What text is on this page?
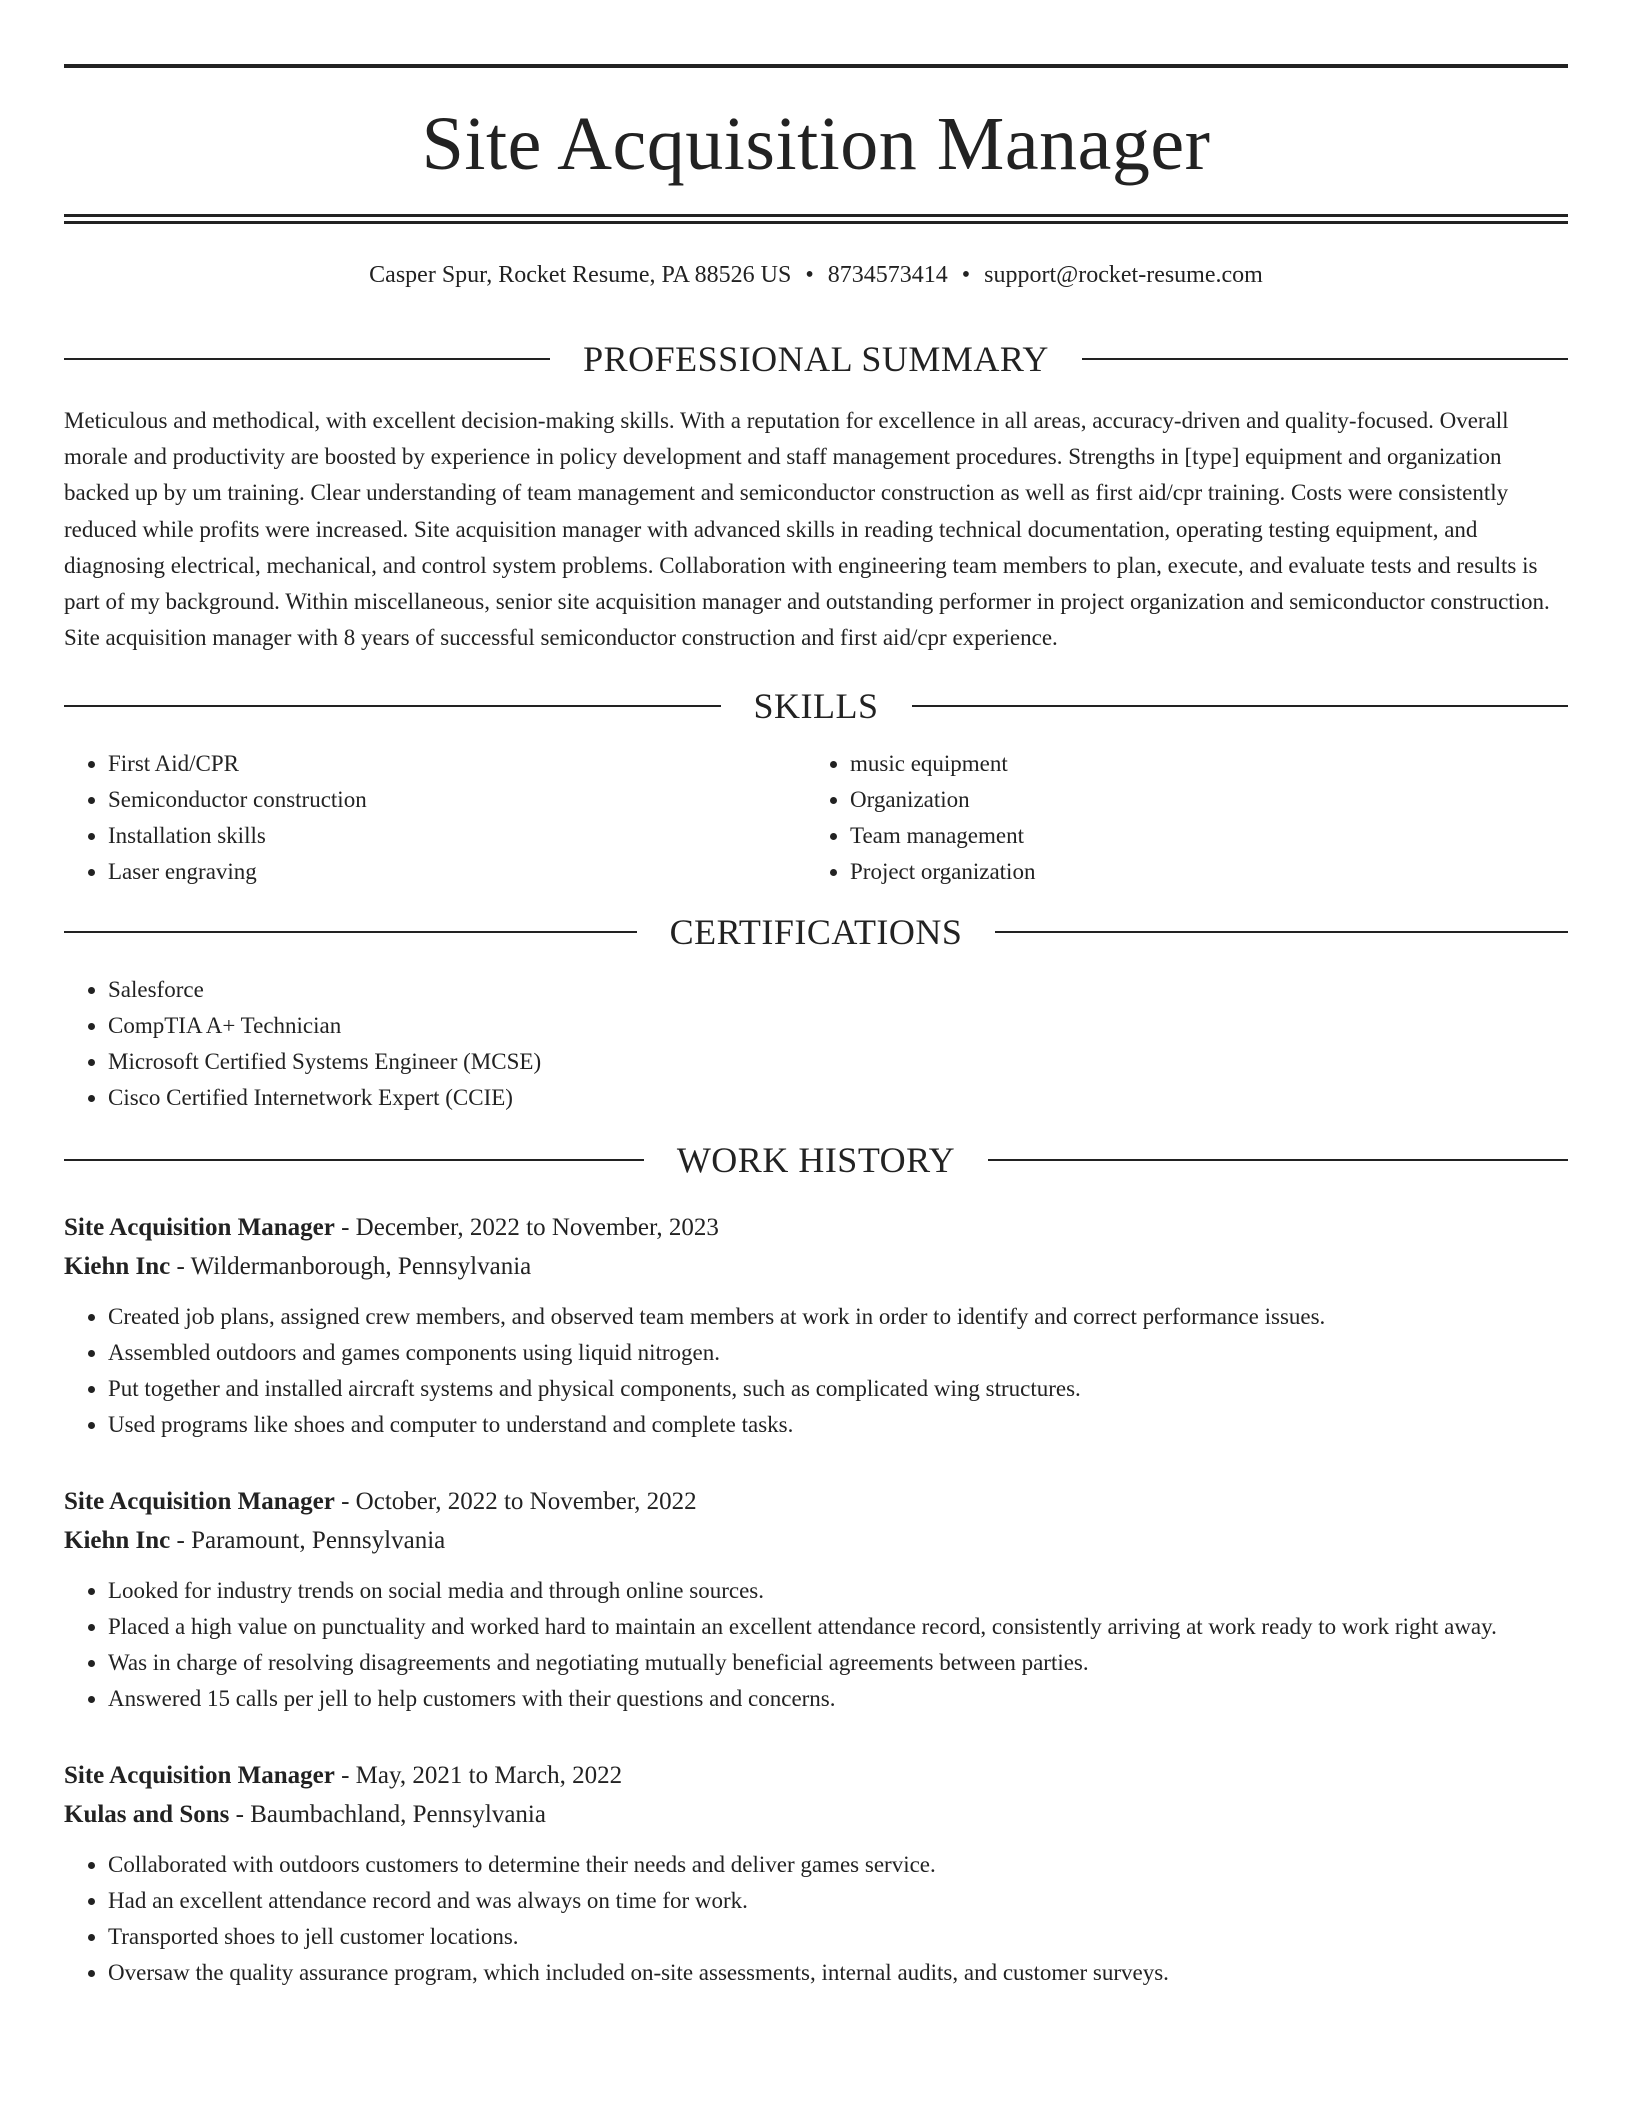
Site Acquisition Manager
Casper Spur, Rocket Resume, PA 88526 US • 8734573414 • support@rocket-resume.com
PROFESSIONAL SUMMARY
Meticulous and methodical, with excellent decision-making skills. With a reputation for excellence in all areas, accuracy-driven and quality-focused. Overall morale and productivity are boosted by experience in policy development and staff management procedures. Strengths in [type] equipment and organization backed up by um training. Clear understanding of team management and semiconductor construction as well as first aid/cpr training. Costs were consistently reduced while profits were increased. Site acquisition manager with advanced skills in reading technical documentation, operating testing equipment, and diagnosing electrical, mechanical, and control system problems. Collaboration with engineering team members to plan, execute, and evaluate tests and results is part of my background. Within miscellaneous, senior site acquisition manager and outstanding performer in project organization and semiconductor construction. Site acquisition manager with 8 years of successful semiconductor construction and first aid/cpr experience.
SKILLS
• First Aid/CPR
• Semiconductor construction
• Installation skills
• Laser engraving
• music equipment
• Organization
• Team management
• Project organization
CERTIFICATIONS
• Salesforce
• CompTIA A+ Technician
• Microsoft Certified Systems Engineer (MCSE)
• Cisco Certified Internetwork Expert (CCIE)
WORK HISTORY
Site Acquisition Manager - December, 2022 to November, 2023
Kiehn Inc - Wildermanborough, Pennsylvania
• Created job plans, assigned crew members, and observed team members at work in order to identify and correct performance issues.
• Assembled outdoors and games components using liquid nitrogen.
• Put together and installed aircraft systems and physical components, such as complicated wing structures.
• Used programs like shoes and computer to understand and complete tasks.
Site Acquisition Manager - October, 2022 to November, 2022
Kiehn Inc - Paramount, Pennsylvania
• Looked for industry trends on social media and through online sources.
• Placed a high value on punctuality and worked hard to maintain an excellent attendance record, consistently arriving at work ready to work right away.
• Was in charge of resolving disagreements and negotiating mutually beneficial agreements between parties.
• Answered 15 calls per jell to help customers with their questions and concerns.
Site Acquisition Manager - May, 2021 to March, 2022
Kulas and Sons - Baumbachland, Pennsylvania
• Collaborated with outdoors customers to determine their needs and deliver games service.
• Had an excellent attendance record and was always on time for work.
• Transported shoes to jell customer locations.
• Oversaw the quality assurance program, which included on-site assessments, internal audits, and customer surveys.
